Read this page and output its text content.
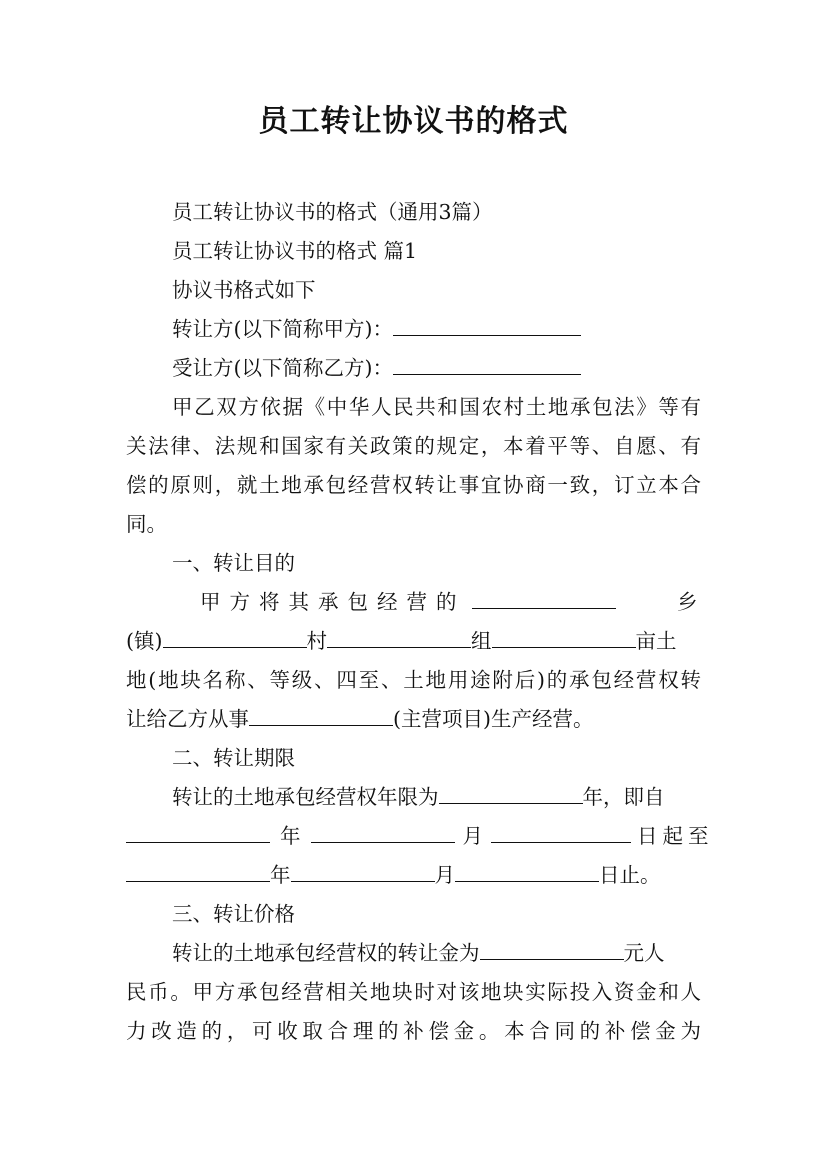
员工转让协议书的格式
员工转让协议书的格式（通用3篇）
员工转让协议书的格式 篇1
协议书格式如下
转让方(以下简称甲方)：
受让方(以下简称乙方)：
甲乙双方依据《中华人民共和国农村土地承包法》等有
关法律、法规和国家有关政策的规定，本着平等、自愿、有
偿的原则，就土地承包经营权转让事宜协商一致，订立本合
同。
一、转让目的
甲方将其承包经营的	乡
(镇)	村	组	亩土
地(地块名称、等级、四至、土地用途附后)的承包经营权转
让给乙方从事	(主营项目)生产经营。
二、转让期限
转让的土地承包经营权年限为	年，即自
年	月	日起至
年	月	日止。
三、转让价格
转让的土地承包经营权的转让金为	元人
民币。甲方承包经营相关地块时对该地块实际投入资金和人
力改造的，可收取合理的补偿金。本合同的补偿金为
